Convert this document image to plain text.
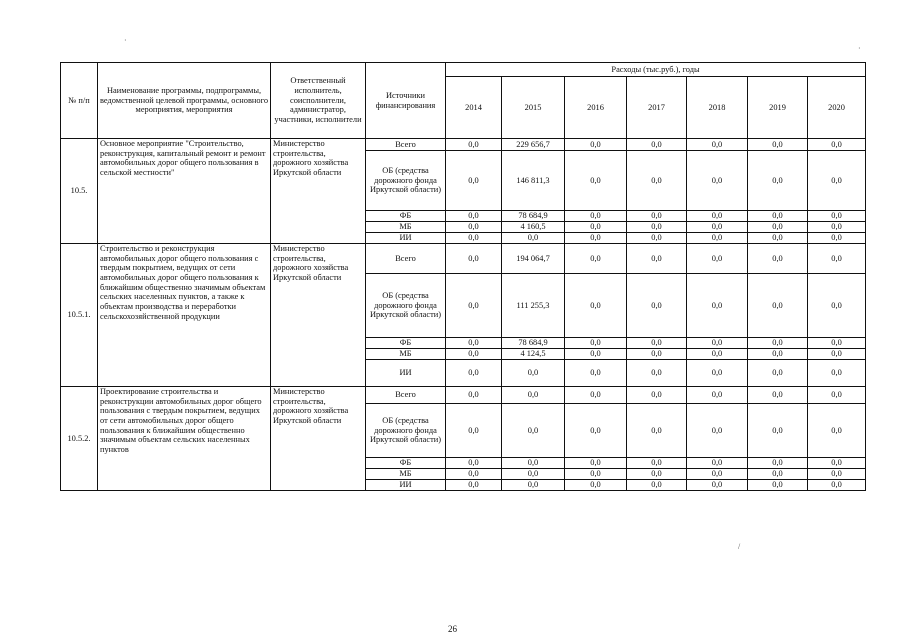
·
·
/
№ п/п	Наименование программы, подпрограммы, ведомственной целевой программы, основного мероприятия, мероприятия	Ответственный исполнитель, соисполнители, администратор, участники, исполнители	Источники финансирования	Расходы (тыс.руб.), годы						
				2014	2015	2016	2017	2018	2019	2020
10.5.	Основное мероприятие "Строительство, реконструкция, капитальный ремонт и ремонт автомобильных дорог общего пользования в сельской местности"	Министерство строительства, дорожного хозяйства Иркутской области	Всего	0,0	229 656,7	0,0	0,0	0,0	0,0	0,0
			ОБ (средства дорожного фонда Иркутской области)	0,0	146 811,3	0,0	0,0	0,0	0,0	0,0
			ФБ	0,0	78 684,9	0,0	0,0	0,0	0,0	0,0
			МБ	0,0	4 160,5	0,0	0,0	0,0	0,0	0,0
			ИИ	0,0	0,0	0,0	0,0	0,0	0,0	0,0
10.5.1.	Строительство и реконструкция автомобильных дорог общего пользования с твердым покрытием, ведущих от сети автомобильных дорог общего пользования к ближайшим общественно значимым объектам сельских населенных пунктов, а также к объектам производства и переработки сельскохозяйственной продукции	Министерство строительства, дорожного хозяйства Иркутской области	Всего	0,0	194 064,7	0,0	0,0	0,0	0,0	0,0
			ОБ (средства дорожного фонда Иркутской области)	0,0	111 255,3	0,0	0,0	0,0	0,0	0,0
			ФБ	0,0	78 684,9	0,0	0,0	0,0	0,0	0,0
			МБ	0,0	4 124,5	0,0	0,0	0,0	0,0	0,0
			ИИ	0,0	0,0	0,0	0,0	0,0	0,0	0,0
10.5.2.	Проектирование строительства и реконструкции автомобильных дорог общего пользования с твердым покрытием, ведущих от сети автомобильных дорог общего пользования к ближайшим общественно значимым объектам сельских населенных пунктов	Министерство строительства, дорожного хозяйства Иркутской области	Всего	0,0	0,0	0,0	0,0	0,0	0,0	0,0
			ОБ (средства дорожного фонда Иркутской области)	0,0	0,0	0,0	0,0	0,0	0,0	0,0
			ФБ	0,0	0,0	0,0	0,0	0,0	0,0	0,0
			МБ	0,0	0,0	0,0	0,0	0,0	0,0	0,0
			ИИ	0,0	0,0	0,0	0,0	0,0	0,0	0,0
26
